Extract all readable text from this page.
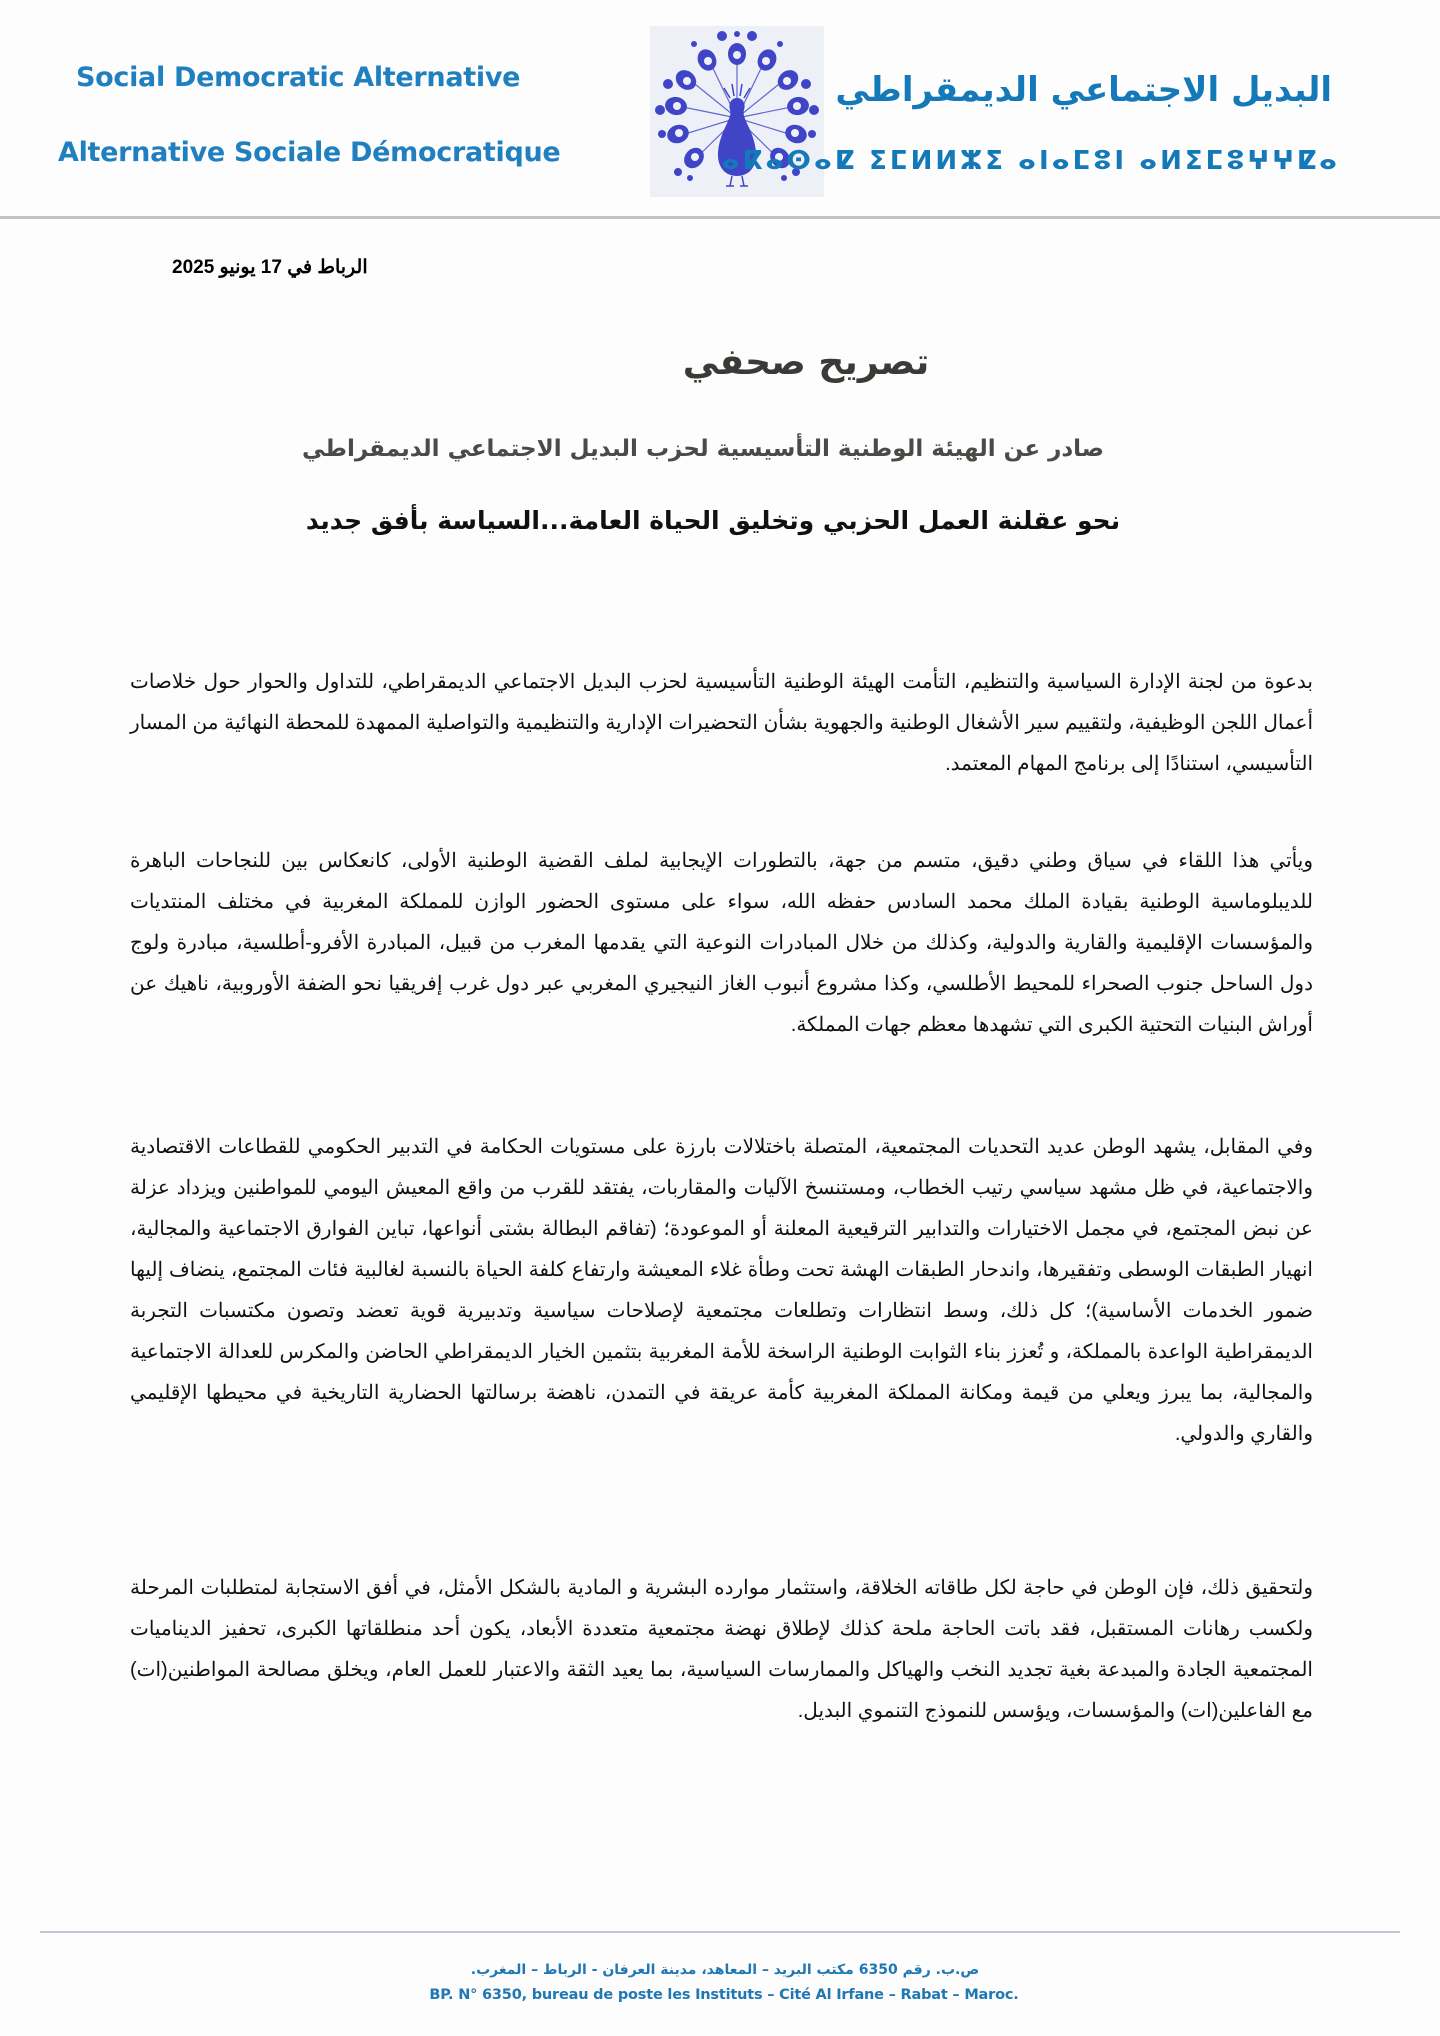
Social Democratic Alternative
Alternative Sociale Démocratique
البديل الاجتماعي الديمقراطي
ⴰⴽⴰⵙⴰⵇ ⵉⵎⵍⵍⵣⵉ ⴰⵏⴰⵎⵓⵏ ⴰⵍⵉⵎⵓⵖⵖⵇⴰ
الرباط في 17 يونيو 2025
تصريح صحفي
صادر عن الهيئة الوطنية التأسيسية لحزب البديل الاجتماعي الديمقراطي
نحو عقلنة العمل الحزبي وتخليق الحياة العامة...السياسة بأفق جديد

بدعوة من لجنة الإدارة السياسية والتنظيم، التأمت الهيئة الوطنية التأسيسية لحزب البديل الاجتماعي الديمقراطي، للتداول والحوار حول خلاصات أعمال اللجن الوظيفية، ولتقييم سير الأشغال الوطنية والجهوية بشأن التحضيرات الإدارية والتنظيمية والتواصلية الممهدة للمحطة النهائية من المسار التأسيسي، استنادًا إلى برنامج المهام المعتمد.

ويأتي هذا اللقاء في سياق وطني دقيق، متسم من جهة، بالتطورات الإيجابية لملف القضية الوطنية الأولى، كانعكاس بين للنجاحات الباهرة للديبلوماسية الوطنية بقيادة الملك محمد السادس حفظه الله، سواء على مستوى الحضور الوازن للمملكة المغربية في مختلف المنتديات والمؤسسات الإقليمية والقارية والدولية، وكذلك من خلال المبادرات النوعية التي يقدمها المغرب من قبيل، المبادرة الأفرو-أطلسية، مبادرة ولوج دول الساحل جنوب الصحراء للمحيط الأطلسي، وكذا مشروع أنبوب الغاز النيجيري المغربي عبر دول غرب إفريقيا نحو الضفة الأوروبية، ناهيك عن أوراش البنيات التحتية الكبرى التي تشهدها معظم جهات المملكة.

وفي المقابل، يشهد الوطن عديد التحديات المجتمعية، المتصلة باختلالات بارزة على مستويات الحكامة في التدبير الحكومي للقطاعات الاقتصادية والاجتماعية، في ظل مشهد سياسي رتيب الخطاب، ومستنسخ الآليات والمقاربات، يفتقد للقرب من واقع المعيش اليومي للمواطنين ويزداد عزلة عن نبض المجتمع، في مجمل الاختيارات والتدابير الترقيعية المعلنة أو الموعودة؛ (تفاقم البطالة بشتى أنواعها، تباين الفوارق الاجتماعية والمجالية، انهيار الطبقات الوسطى وتفقيرها، واندحار الطبقات الهشة تحت وطأة غلاء المعيشة وارتفاع كلفة الحياة بالنسبة لغالبية فئات المجتمع، ينضاف إليها ضمور الخدمات الأساسية)؛ كل ذلك، وسط انتظارات وتطلعات مجتمعية لإصلاحات سياسية وتدبيرية قوية تعضد وتصون مكتسبات التجربة الديمقراطية الواعدة بالمملكة، و تُعزز بناء الثوابت الوطنية الراسخة للأمة المغربية بتثمين الخيار الديمقراطي الحاضن والمكرس للعدالة الاجتماعية والمجالية، بما يبرز ويعلي من قيمة ومكانة المملكة المغربية كأمة عريقة في التمدن، ناهضة برسالتها الحضارية التاريخية في محيطها الإقليمي والقاري والدولي.

ولتحقيق ذلك، فإن الوطن في حاجة لكل طاقاته الخلاقة، واستثمار موارده البشرية و المادية بالشكل الأمثل، في أفق الاستجابة لمتطلبات المرحلة ولكسب رهانات المستقبل، فقد باتت الحاجة ملحة كذلك لإطلاق نهضة مجتمعية متعددة الأبعاد، يكون أحد منطلقاتها الكبرى، تحفيز الديناميات المجتمعية الجادة والمبدعة بغية تجديد النخب والهياكل والممارسات السياسية، بما يعيد الثقة والاعتبار للعمل العام، ويخلق مصالحة المواطنين(ات) مع الفاعلين(ات) والمؤسسات، ويؤسس للنموذج التنموي البديل.

ص.ب. رقم 6350 مكتب البريد – المعاهد، مدينة العرفان - الرباط – المغرب.
BP. N° 6350, bureau de poste les Instituts – Cité Al Irfane – Rabat – Maroc.
